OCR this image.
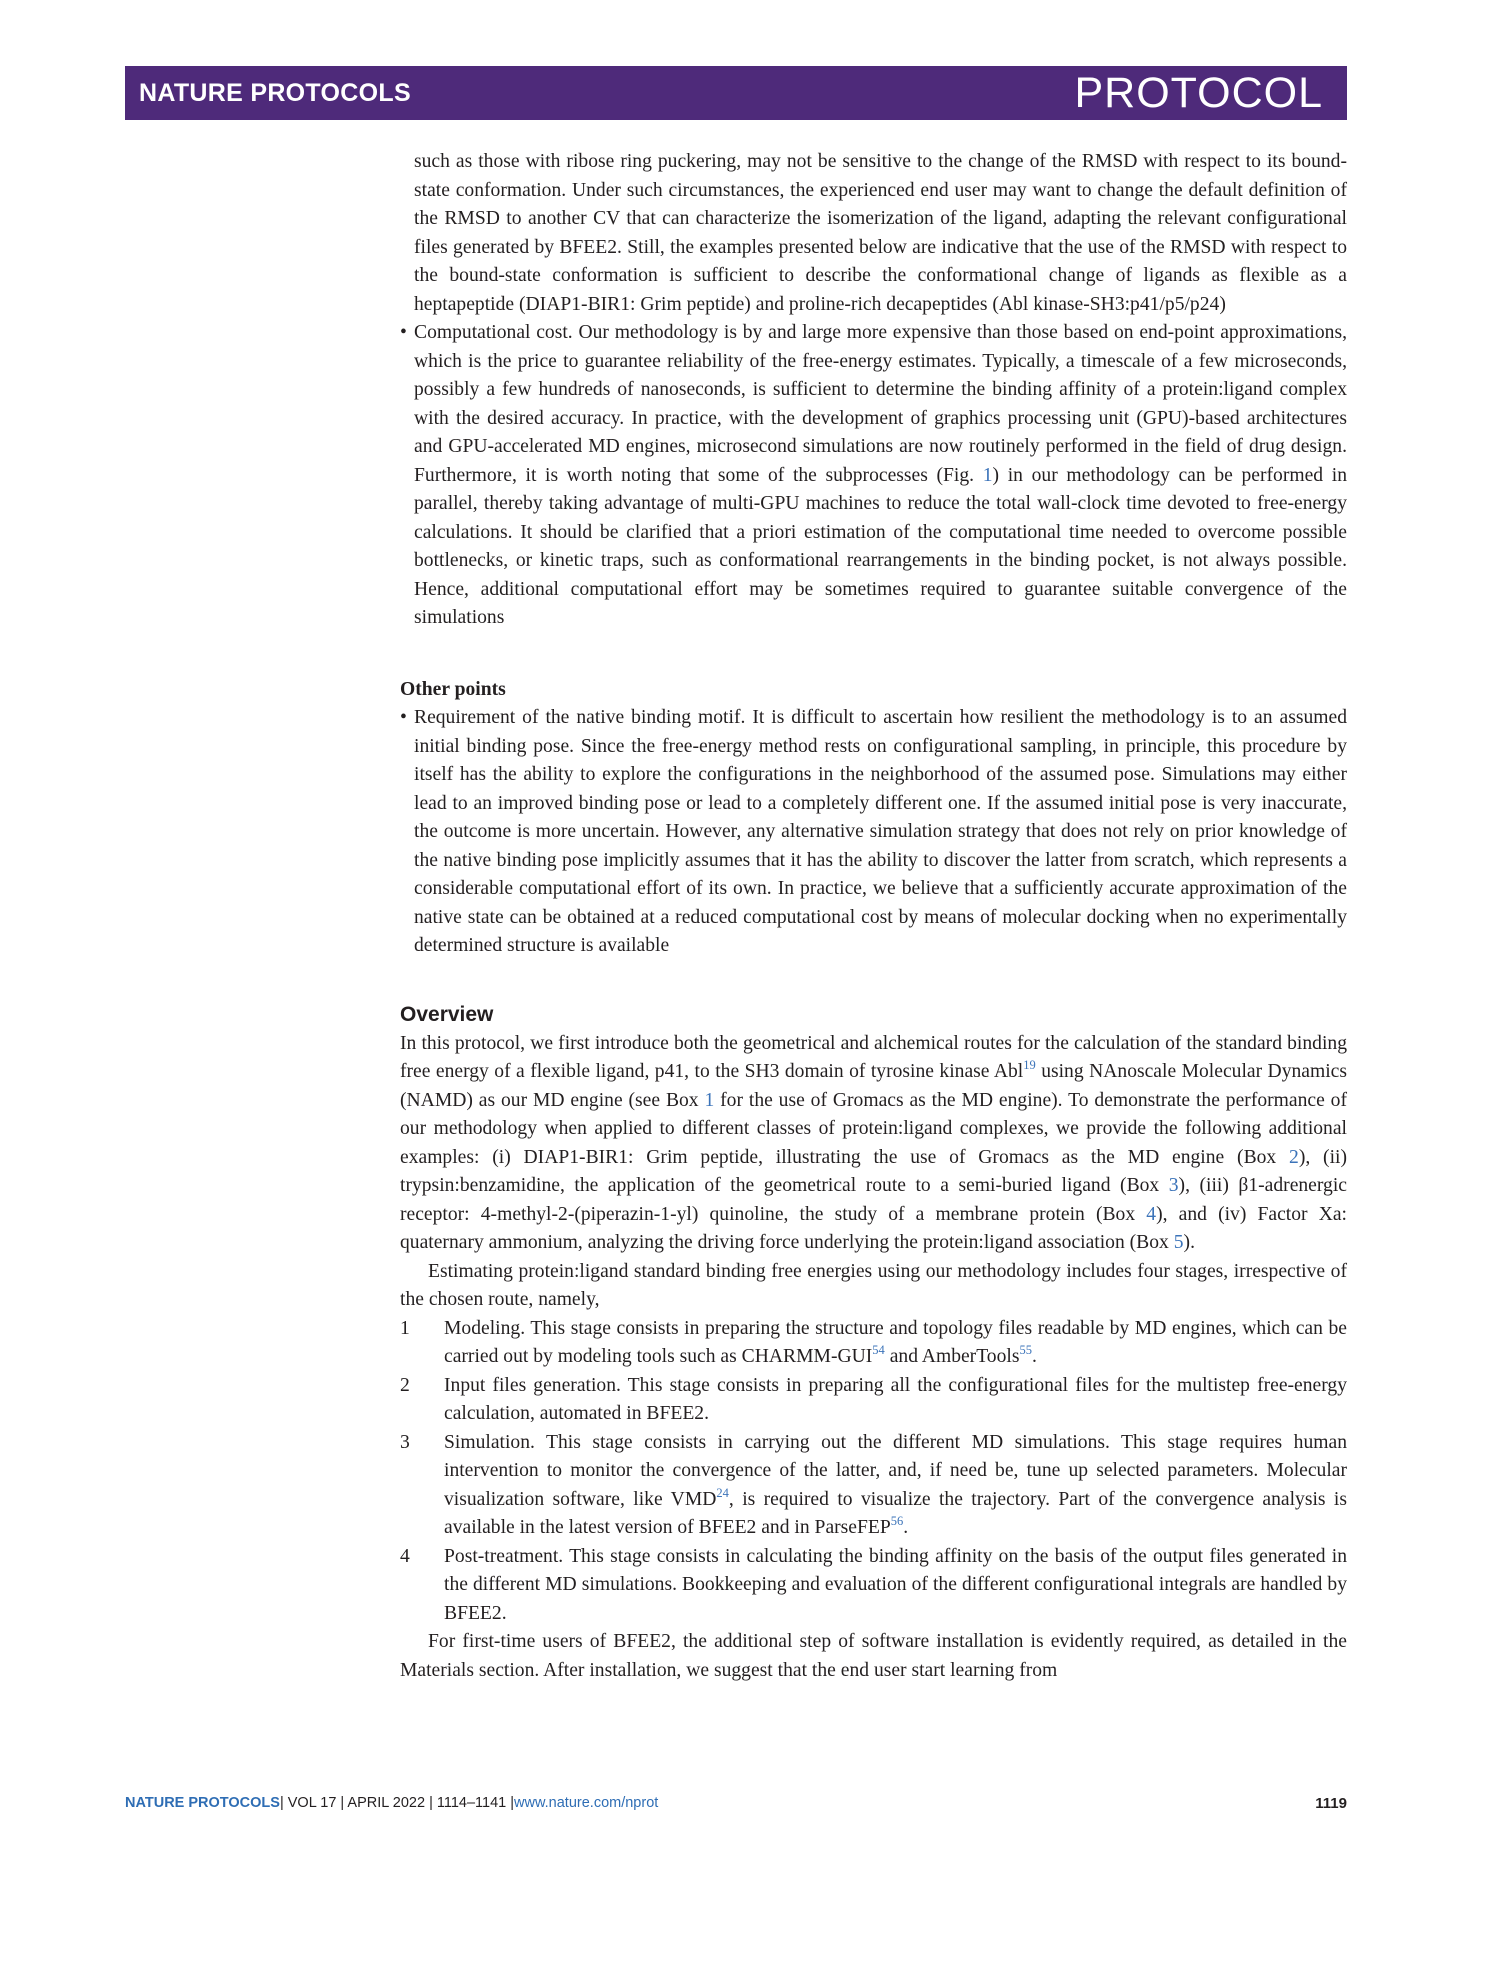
NATURE PROTOCOLS	PROTOCOL

such as those with ribose ring puckering, may not be sensitive to the change of the RMSD with respect to its bound-state conformation. Under such circumstances, the experienced end user may want to change the default definition of the RMSD to another CV that can characterize the isomerization of the ligand, adapting the relevant configurational files generated by BFEE2. Still, the examples presented below are indicative that the use of the RMSD with respect to the bound-state conformation is sufficient to describe the conformational change of ligands as flexible as a heptapeptide (DIAP1-BIR1: Grim peptide) and proline-rich decapeptides (Abl kinase-SH3:p41/p5/p24)

• Computational cost. Our methodology is by and large more expensive than those based on end-point approximations, which is the price to guarantee reliability of the free-energy estimates. Typically, a timescale of a few microseconds, possibly a few hundreds of nanoseconds, is sufficient to determine the binding affinity of a protein:ligand complex with the desired accuracy. In practice, with the development of graphics processing unit (GPU)-based architectures and GPU-accelerated MD engines, microsecond simulations are now routinely performed in the field of drug design. Furthermore, it is worth noting that some of the subprocesses (Fig. 1) in our methodology can be performed in parallel, thereby taking advantage of multi-GPU machines to reduce the total wall-clock time devoted to free-energy calculations. It should be clarified that a priori estimation of the computational time needed to overcome possible bottlenecks, or kinetic traps, such as conformational rearrangements in the binding pocket, is not always possible. Hence, additional computational effort may be sometimes required to guarantee suitable convergence of the simulations

Other points

• Requirement of the native binding motif. It is difficult to ascertain how resilient the methodology is to an assumed initial binding pose. Since the free-energy method rests on configurational sampling, in principle, this procedure by itself has the ability to explore the configurations in the neighborhood of the assumed pose. Simulations may either lead to an improved binding pose or lead to a completely different one. If the assumed initial pose is very inaccurate, the outcome is more uncertain. However, any alternative simulation strategy that does not rely on prior knowledge of the native binding pose implicitly assumes that it has the ability to discover the latter from scratch, which represents a considerable computational effort of its own. In practice, we believe that a sufficiently accurate approximation of the native state can be obtained at a reduced computational cost by means of molecular docking when no experimentally determined structure is available

Overview

In this protocol, we first introduce both the geometrical and alchemical routes for the calculation of the standard binding free energy of a flexible ligand, p41, to the SH3 domain of tyrosine kinase Abl$^{19}$ using NAnoscale Molecular Dynamics (NAMD) as our MD engine (see Box 1 for the use of Gromacs as the MD engine). To demonstrate the performance of our methodology when applied to different classes of protein:ligand complexes, we provide the following additional examples: (i) DIAP1-BIR1: Grim peptide, illustrating the use of Gromacs as the MD engine (Box 2), (ii) trypsin:benzamidine, the application of the geometrical route to a semi-buried ligand (Box 3), (iii) β1-adrenergic receptor: 4-methyl-2-(piperazin-1-yl) quinoline, the study of a membrane protein (Box 4), and (iv) Factor Xa: quaternary ammonium, analyzing the driving force underlying the protein:ligand association (Box 5).

Estimating protein:ligand standard binding free energies using our methodology includes four stages, irrespective of the chosen route, namely,

1 Modeling. This stage consists in preparing the structure and topology files readable by MD engines, which can be carried out by modeling tools such as CHARMM-GUI$^{54}$ and AmberTools$^{55}$.

2 Input files generation. This stage consists in preparing all the configurational files for the multistep free-energy calculation, automated in BFEE2.

3 Simulation. This stage consists in carrying out the different MD simulations. This stage requires human intervention to monitor the convergence of the latter, and, if need be, tune up selected parameters. Molecular visualization software, like VMD$^{24}$, is required to visualize the trajectory. Part of the convergence analysis is available in the latest version of BFEE2 and in ParseFEP$^{56}$.

4 Post-treatment. This stage consists in calculating the binding affinity on the basis of the output files generated in the different MD simulations. Bookkeeping and evaluation of the different configurational integrals are handled by BFEE2.

For first-time users of BFEE2, the additional step of software installation is evidently required, as detailed in the Materials section. After installation, we suggest that the end user start learning from

NATURE PROTOCOLS| VOL 17 | APRIL 2022 | 1114–1141 |www.nature.com/nprot	1119
